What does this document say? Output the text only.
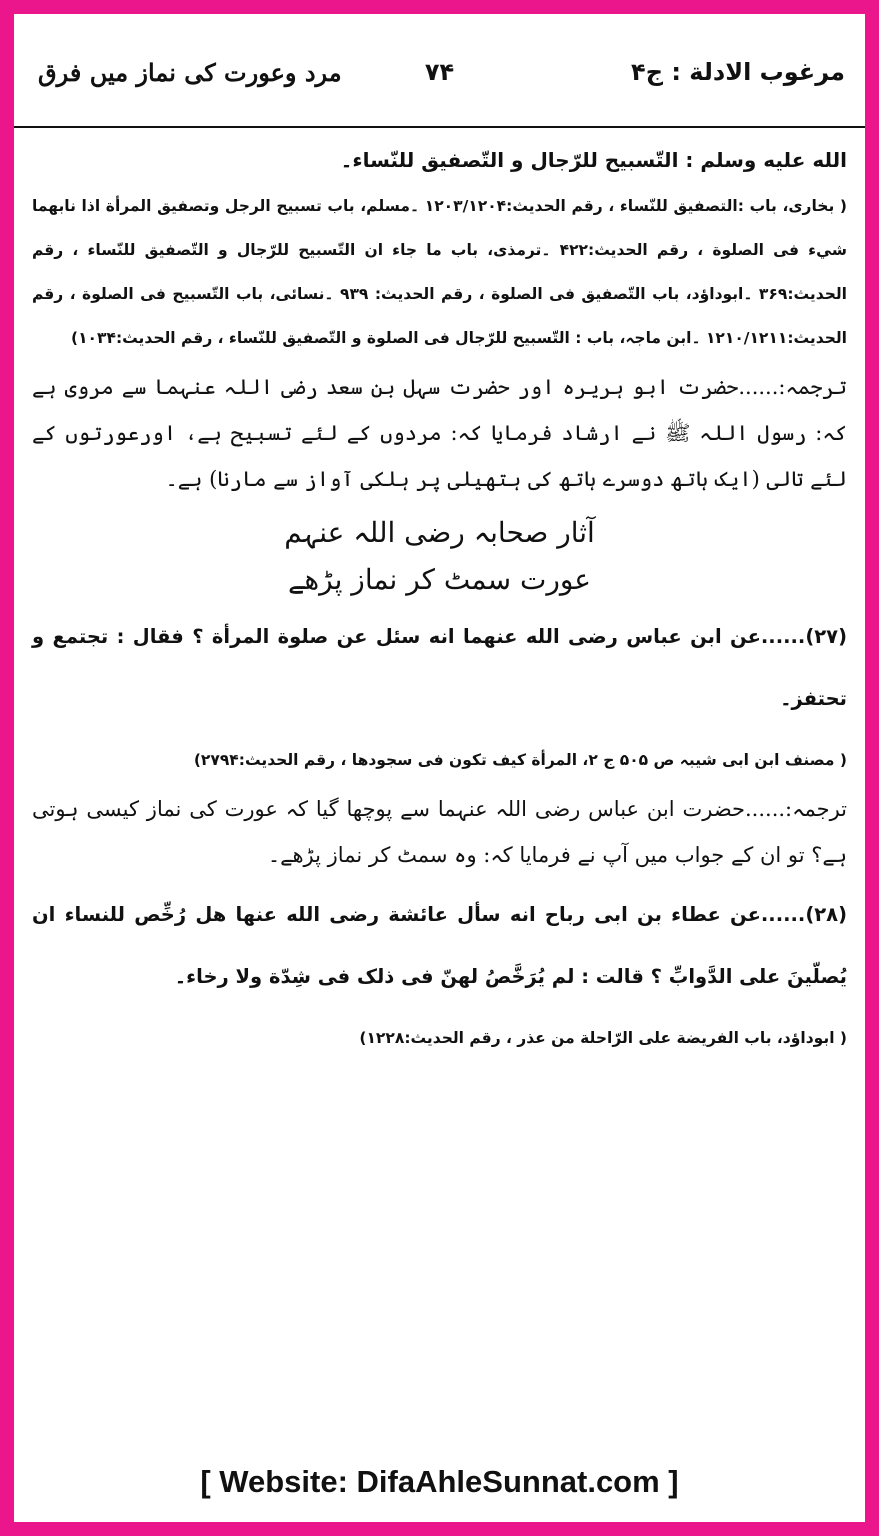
مرغوب الادلة : ج۴
۷۴
مرد وعورت کی نماز میں فرق

الله عليه وسلم : التّسبيح للرّجال و التّصفيق للنّساء۔

( بخاری، باب :التصفيق للنّساء ، رقم الحديث:۱۲۰۳/۱۲۰۴ ۔مسلم، باب تسبيح الرجل وتصفيق المرأة اذا نابهما شيء فی الصلوة ، رقم الحديث:۴۲۲ ۔ترمذی، باب ما جاء ان التّسبيح للرّجال و التّصفيق للنّساء ، رقم الحديث:۳۶۹ ۔ابوداؤد، باب التّصفيق فی الصلوة ، رقم الحديث: ۹۳۹ ۔نسائی، باب التّسبيح فی الصلوة ، رقم الحديث:۱۲۱۰/۱۲۱۱ ۔ابن ماجہ، باب : التّسبيح للرّجال فی الصلوة و التّصفيق للنّساء ، رقم الحديث:۱۰۳۴)

ترجمہ:......حضرت ابو ہریرہ اور حضرت سہل بن سعد رضی اللہ عنہما سے مروی ہے کہ: رسول اللہ ﷺ نے ارشاد فرمایا کہ: مردوں کے لئے تسبیح ہے، اورعورتوں کے لئے تالی (ایک ہاتھ دوسرے ہاتھ کی ہتھیلی پر ہلکی آواز سے مارنا) ہے۔

آثار صحابہ رضی اللہ عنہم
عورت سمٹ کر نماز پڑھے

(۲۷)......عن ابن عباس رضی الله عنهما انه سئل عن صلوة المرأة ؟ فقال : تجتمع و تحتفز۔

( مصنف ابن ابی شیبہ ص ۵۰۵ ج ۲، المرأة كيف تكون فی سجودها ، رقم الحديث:۲۷۹۴)

ترجمہ:......حضرت ابن عباس رضی اللہ عنہما سے پوچھا گیا کہ عورت کی نماز کیسی ہوتی ہے؟ تو ان کے جواب میں آپ نے فرمایا کہ: وہ سمٹ کر نماز پڑھے۔

(۲۸)......عن عطاء بن ابی رباح انه سأل عائشة رضی الله عنها هل رُخِّص للنساء ان يُصلّينَ علی الدَّوابِّ ؟ قالت : لم يُرَخَّصُ لهنّ فی ذلک فی شِدّة ولا رخاء۔

( ابوداؤد، باب الفريضة علی الرّاحلة من عذر ، رقم الحديث:۱۲۲۸)

[ Website: DifaAhleSunnat.com ]
